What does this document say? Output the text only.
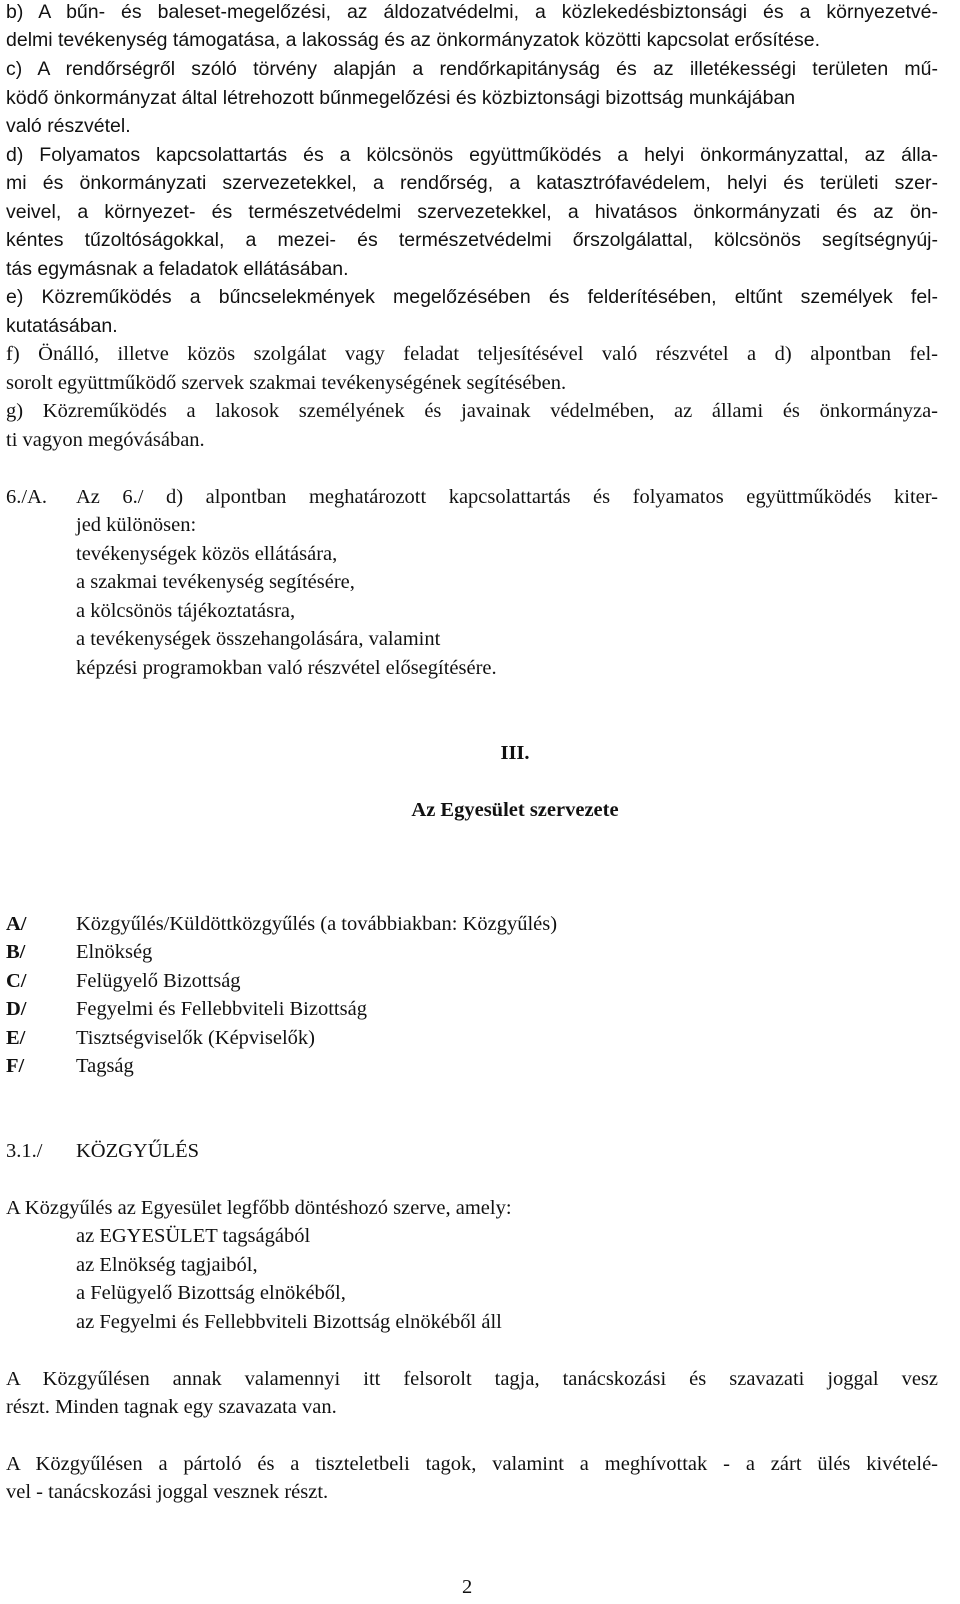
b) A bűn- és baleset-megelőzési, az áldozatvédelmi, a közlekedésbiztonsági és a környezetvé-
delmi tevékenység támogatása, a lakosság és az önkormányzatok közötti kapcsolat erősítése.
c) A rendőrségről szóló törvény alapján a rendőrkapitányság és az illetékességi területen mű-
ködő önkormányzat által létrehozott bűnmegelőzési és közbiztonsági bizottság munkájában
való részvétel.
d) Folyamatos kapcsolattartás és a kölcsönös együttműködés a helyi önkormányzattal, az álla-
mi és önkormányzati szervezetekkel, a rendőrség, a katasztrófavédelem, helyi és területi szer-
veivel, a környezet- és természetvédelmi szervezetekkel, a hivatásos önkormányzati és az ön-
kéntes tűzoltóságokkal, a mezei- és természetvédelmi őrszolgálattal, kölcsönös segítségnyúj-
tás egymásnak a feladatok ellátásában.
e) Közreműködés a bűncselekmények megelőzésében és felderítésében, eltűnt személyek fel-
kutatásában.
f) Önálló, illetve közös szolgálat vagy feladat teljesítésével való részvétel a d) alpontban fel-
sorolt együttműködő szervek szakmai tevékenységének segítésében.
g) Közreműködés a lakosok személyének és javainak védelmében, az állami és önkormányza-
ti vagyon megóvásában.
6./A. Az 6./ d) alpontban meghatározott kapcsolattartás és folyamatos együttműködés kiter-
jed különösen:
tevékenységek közös ellátására,
a szakmai tevékenység segítésére,
a kölcsönös tájékoztatásra,
a tevékenységek összehangolására, valamint
képzési programokban való részvétel elősegítésére.
III.
Az Egyesület szervezete
A/ Közgyűlés/Küldöttközgyűlés (a továbbiakban: Közgyűlés)
B/ Elnökség
C/ Felügyelő Bizottság
D/ Fegyelmi és Fellebbviteli Bizottság
E/ Tisztségviselők (Képviselők)
F/	Tagság
3.1./ KÖZGYŰLÉS
A Közgyűlés az Egyesület legfőbb döntéshozó szerve, amely:
az EGYESÜLET tagságából
az Elnökség tagjaiból,
a Felügyelő Bizottság elnökéből,
az Fegyelmi és Fellebbviteli Bizottság elnökéből áll
A Közgyűlésen annak valamennyi itt felsorolt tagja, tanácskozási és szavazati joggal vesz
részt. Minden tagnak egy szavazata van.
A Közgyűlésen a pártoló és a tiszteletbeli tagok, valamint a meghívottak - a zárt ülés kivételé-
vel - tanácskozási joggal vesznek részt.
2
